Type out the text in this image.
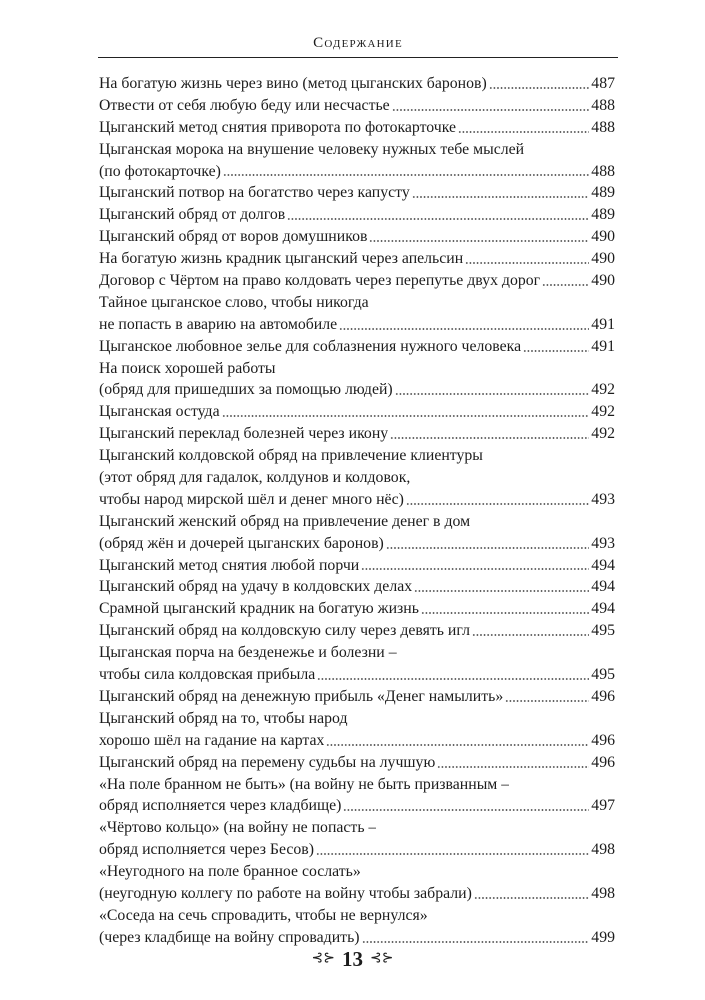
Содержание
На богатую жизнь через вино (метод цыганских баронов)	487
Отвести от себя любую беду или несчастье	488
Цыганский метод снятия приворота по фотокарточке	488
Цыганская морока на внушение человеку нужных тебе мыслей
(по фотокарточке)	488
Цыганский потвор на богатство через капусту	489
Цыганский обряд от долгов	489
Цыганский обряд от воров домушников	490
На богатую жизнь крадник цыганский через апельсин	490
Договор с Чёртом на право колдовать через перепутье двух дорог	490
Тайное цыганское слово, чтобы никогда
не попасть в аварию на автомобиле	491
Цыганское любовное зелье для соблазнения нужного человека	491
На поиск хорошей работы
(обряд для пришедших за помощью людей)	492
Цыганская остуда	492
Цыганский переклад болезней через икону	492
Цыганский колдовской обряд на привлечение клиентуры
(этот обряд для гадалок, колдунов и колдовок,
чтобы народ мирской шёл и денег много нёс)	493
Цыганский женский обряд на привлечение денег в дом
(обряд жён и дочерей цыганских баронов)	493
Цыганский метод снятия любой порчи	494
Цыганский обряд на удачу в колдовских делах	494
Срамной цыганский крадник на богатую жизнь	494
Цыганский обряд на колдовскую силу через девять игл	495
Цыганская порча на безденежье и болезни –
чтобы сила колдовская прибыла	495
Цыганский обряд на денежную прибыль «Денег намылить»	496
Цыганский обряд на то, чтобы народ
хорошо шёл на гадание на картах	496
Цыганский обряд на перемену судьбы на лучшую	496
«На поле бранном не быть» (на войну не быть призванным –
обряд исполняется через кладбище)	497
«Чёртово кольцо» (на войну не попасть –
обряд исполняется через Бесов)	498
«Неугодного на поле бранное сослать»
(неугодную коллегу по работе на войну чтобы забрали)	498
«Соседа на сечь спровадить, чтобы не вернулся»
(через кладбище на войну спровадить)	499
⊰⊱ 13 ⊰⊱
